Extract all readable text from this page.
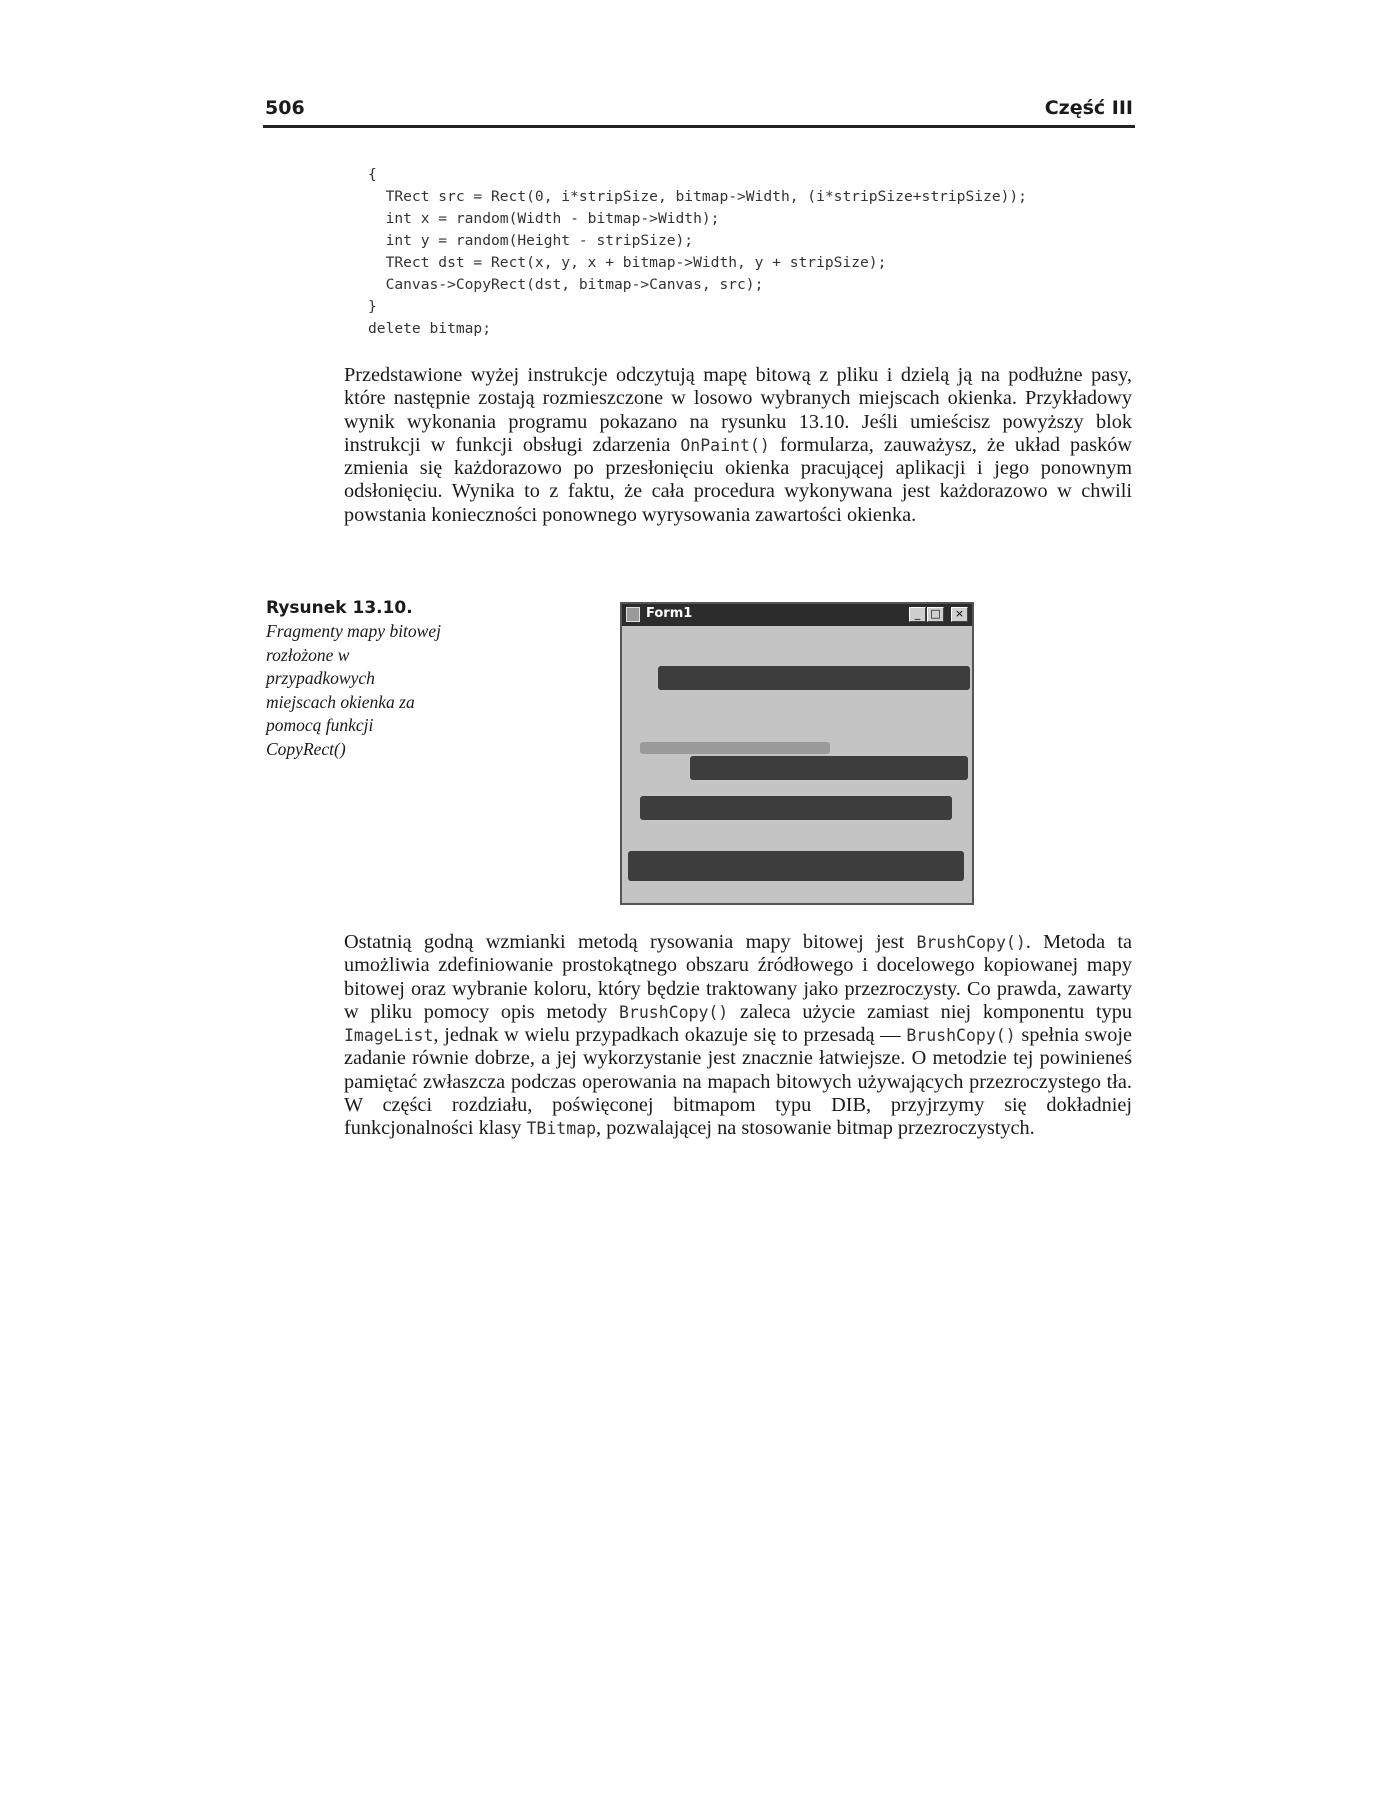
506	Część III
{
TRect src = Rect(0, i*stripSize, bitmap->Width, (i*stripSize+stripSize));
int x = random(Width - bitmap->Width);
int y = random(Height - stripSize);
TRect dst = Rect(x, y, x + bitmap->Width, y + stripSize);
Canvas->CopyRect(dst, bitmap->Canvas, src);
}
delete bitmap;

Przedstawione wyżej instrukcje odczytują mapę bitową z pliku i dzielą ją na podłużne pasy, które następnie zostają rozmieszczone w losowo wybranych miejscach okienka. Przykładowy wynik wykonania programu pokazano na rysunku 13.10. Jeśli umieścisz powyższy blok instrukcji w funkcji obsługi zdarzenia OnPaint() formularza, zauważysz, że układ pasków zmienia się każdorazowo po przesłonięciu okienka pracującej aplikacji i jego ponownym odsłonięciu. Wynika to z faktu, że cała procedura wykonywana jest każdorazowo w chwili powstania konieczności ponownego wyrysowania zawartości okienka.

Rysunek 13.10.

Fragmenty mapy bitowej rozłożone w przypadkowych miejscach okienka za pomocą funkcji CopyRect()

Form1	_ □	×

Ostatnią godną wzmianki metodą rysowania mapy bitowej jest BrushCopy(). Metoda ta umożliwia zdefiniowanie prostokątnego obszaru źródłowego i docelowego kopiowanej mapy bitowej oraz wybranie koloru, który będzie traktowany jako przezroczysty. Co prawda, zawarty w pliku pomocy opis metody BrushCopy() zaleca użycie zamiast niej komponentu typu ImageList, jednak w wielu przypadkach okazuje się to przesadą — BrushCopy() spełnia swoje zadanie równie dobrze, a jej wykorzystanie jest znacznie łatwiejsze. O metodzie tej powinieneś pamiętać zwłaszcza podczas operowania na mapach bitowych używających przezroczystego tła. W części rozdziału, poświęconej bitmapom typu DIB, przyjrzymy się dokładniej funkcjonalności klasy TBitmap, pozwalającej na stosowanie bitmap przezroczystych.
